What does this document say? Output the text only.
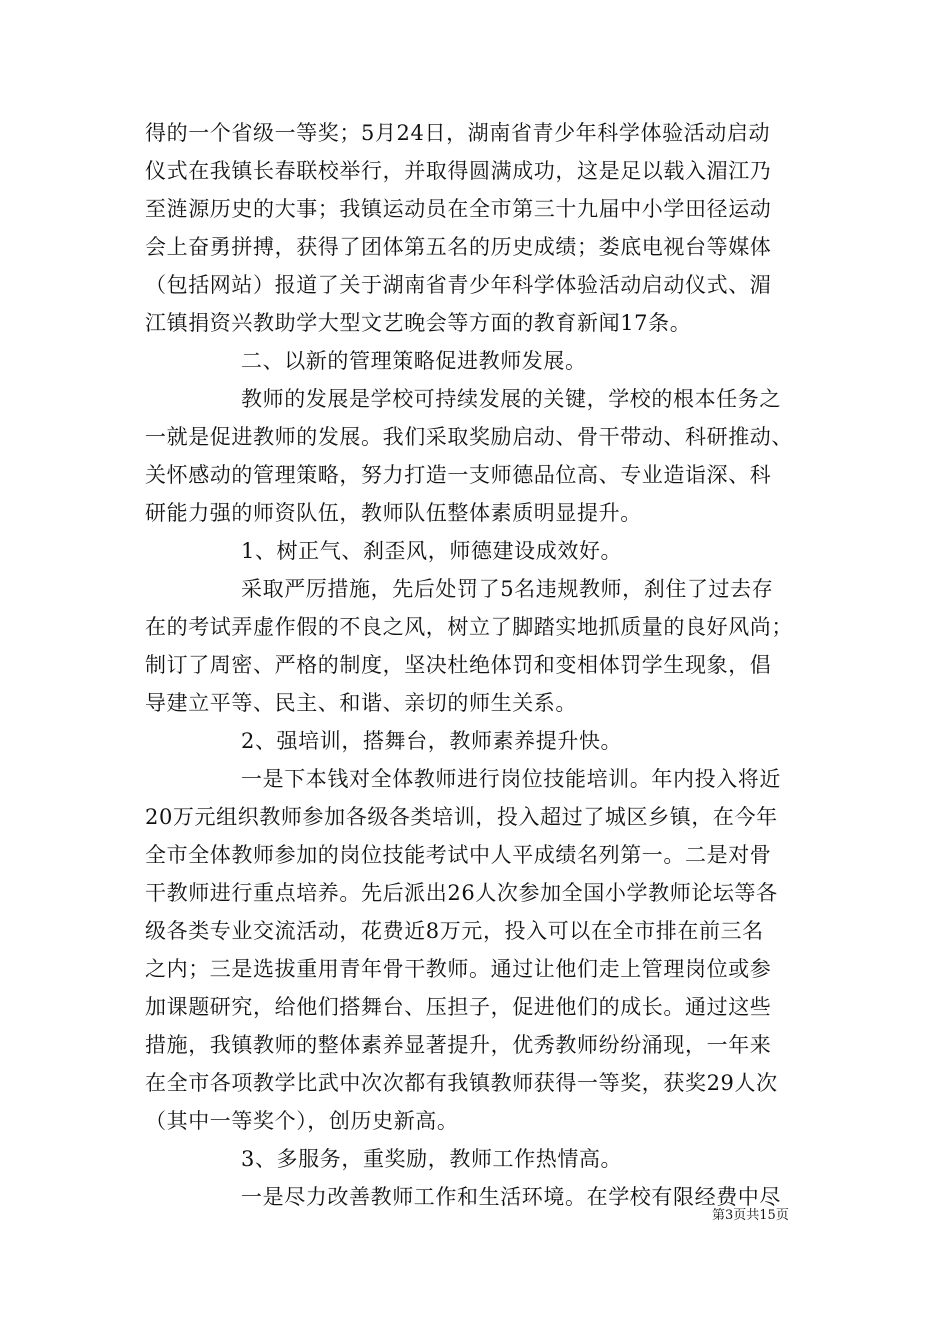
得的一个省级一等奖；5月24日，湖南省青少年科学体验活动启动
仪式在我镇长春联校举行，并取得圆满成功，这是足以载入湄江乃
至涟源历史的大事；我镇运动员在全市第三十九届中小学田径运动
会上奋勇拼搏，获得了团体第五名的历史成绩；娄底电视台等媒体
（包括网站）报道了关于湖南省青少年科学体验活动启动仪式、湄
江镇捐资兴教助学大型文艺晚会等方面的教育新闻17条。
二、以新的管理策略促进教师发展。
教师的发展是学校可持续发展的关键，学校的根本任务之
一就是促进教师的发展。我们采取奖励启动、骨干带动、科研推动、
关怀感动的管理策略，努力打造一支师德品位高、专业造诣深、科
研能力强的师资队伍，教师队伍整体素质明显提升。
1、树正气、刹歪风，师德建设成效好。
采取严厉措施，先后处罚了5名违规教师，刹住了过去存
在的考试弄虚作假的不良之风，树立了脚踏实地抓质量的良好风尚；
制订了周密、严格的制度，坚决杜绝体罚和变相体罚学生现象，倡
导建立平等、民主、和谐、亲切的师生关系。
2、强培训，搭舞台，教师素养提升快。
一是下本钱对全体教师进行岗位技能培训。年内投入将近
20万元组织教师参加各级各类培训，投入超过了城区乡镇，在今年
全市全体教师参加的岗位技能考试中人平成绩名列第一。二是对骨
干教师进行重点培养。先后派出26人次参加全国小学教师论坛等各
级各类专业交流活动，花费近8万元，投入可以在全市排在前三名
之内；三是选拔重用青年骨干教师。通过让他们走上管理岗位或参
加课题研究，给他们搭舞台、压担子，促进他们的成长。通过这些
措施，我镇教师的整体素养显著提升，优秀教师纷纷涌现，一年来
在全市各项教学比武中次次都有我镇教师获得一等奖，获奖29人次
（其中一等奖个），创历史新高。
3、多服务，重奖励，教师工作热情高。
一是尽力改善教师工作和生活环境。在学校有限经费中尽
第3页共15页
